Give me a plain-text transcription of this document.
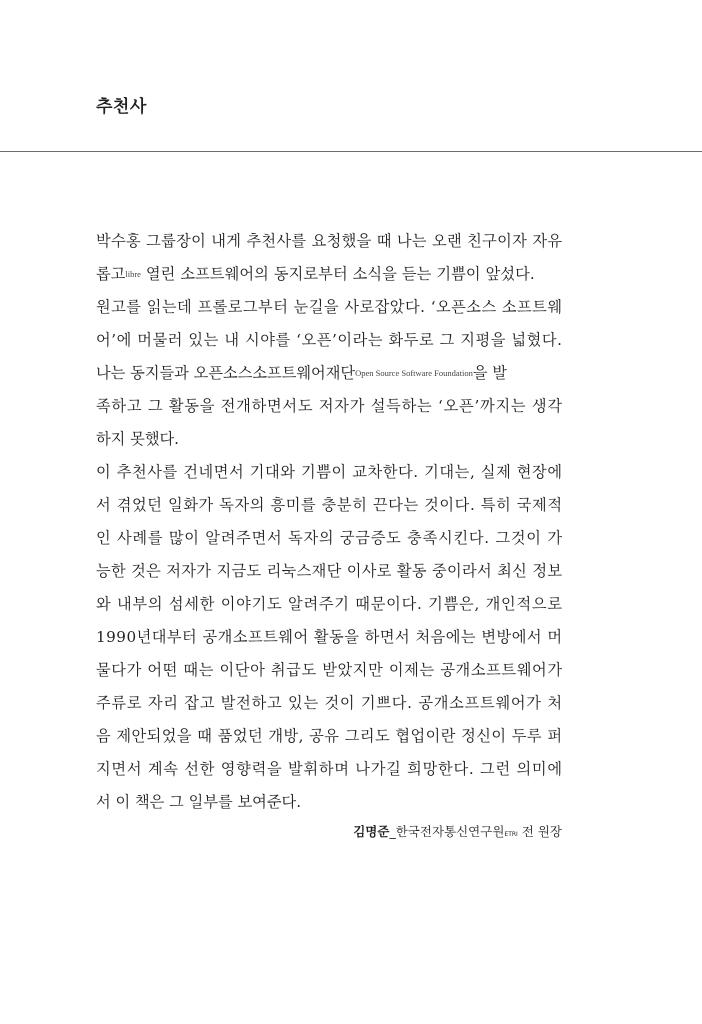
추천사
박수홍 그룹장이 내게 추천사를 요청했을 때 나는 오랜 친구이자 자유
롭고 libre 열린 소프트웨어의 동지로부터 소식을 듣는 기쁨이 앞섰다.
원고를 읽는데 프롤로그부터 눈길을 사로잡았다. ‘오픈소스 소프트웨
어’에 머물러 있는 내 시야를 ‘오픈’이라는 화두로 그 지평을 넓혔다.
나는 동지들과 오픈소스소프트웨어재단 Open Source Software Foundation 을 발
족하고 그 활동을 전개하면서도 저자가 설득하는 ‘오픈’까지는 생각
하지 못했다.
이 추천사를 건네면서 기대와 기쁨이 교차한다. 기대는, 실제 현장에
서 겪었던 일화가 독자의 흥미를 충분히 끈다는 것이다. 특히 국제적
인 사례를 많이 알려주면서 독자의 궁금증도 충족시킨다. 그것이 가
능한 것은 저자가 지금도 리눅스재단 이사로 활동 중이라서 최신 정보
와 내부의 섬세한 이야기도 알려주기 때문이다. 기쁨은, 개인적으로
1990년대부터 공개소프트웨어 활동을 하면서 처음에는 변방에서 머
물다가 어떤 때는 이단아 취급도 받았지만 이제는 공개소프트웨어가
주류로 자리 잡고 발전하고 있는 것이 기쁘다. 공개소프트웨어가 처
음 제안되었을 때 품었던 개방, 공유 그리도 협업이란 정신이 두루 퍼
지면서 계속 선한 영향력을 발휘하며 나가길 희망한다. 그런 의미에
서 이 책은 그 일부를 보여준다.
김명준_한국전자통신연구원ETRI 전 원장
